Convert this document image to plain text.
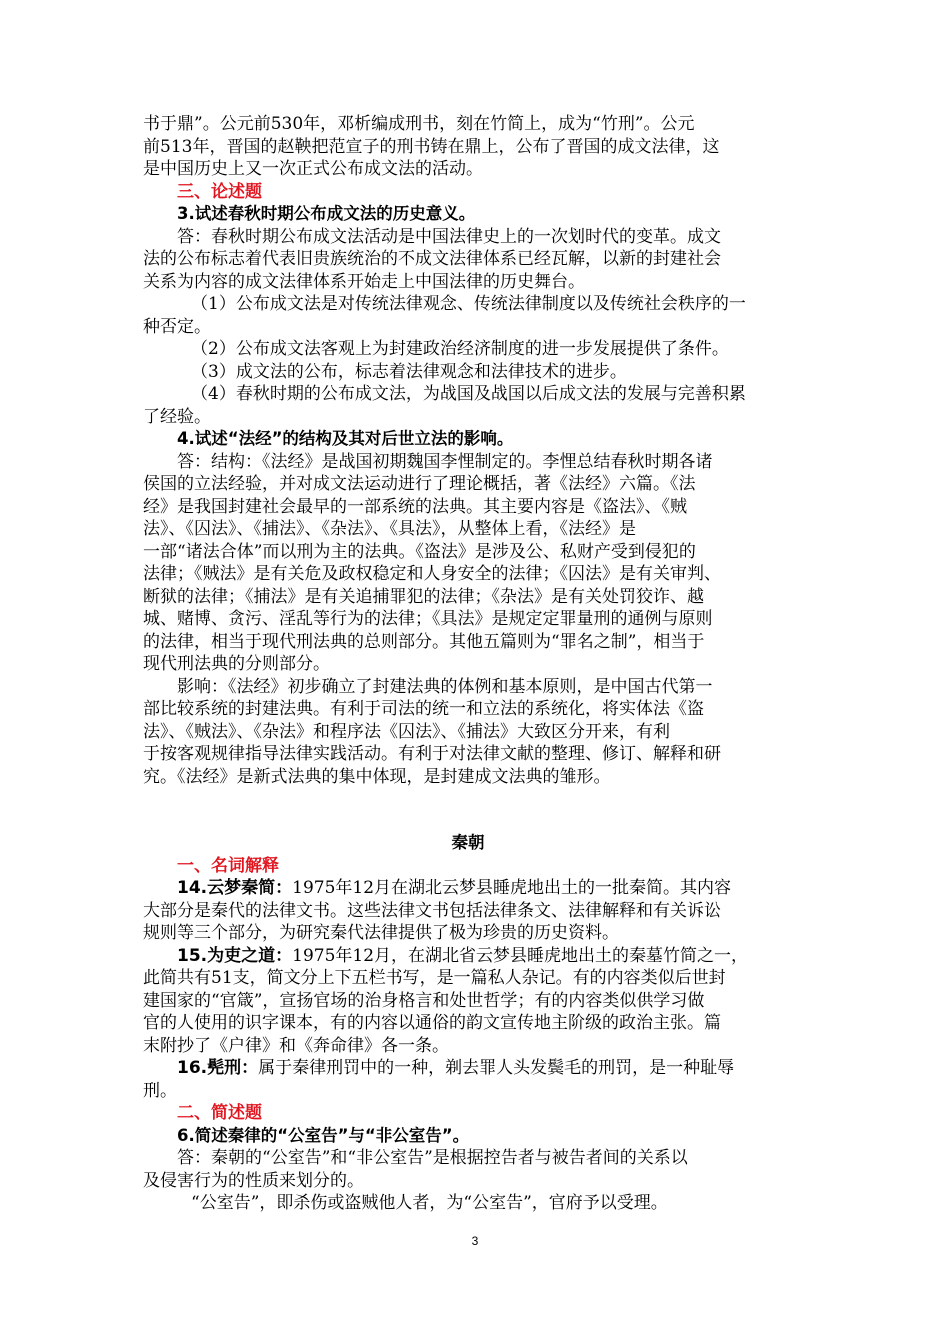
书于鼎”。公元前530年，邓析编成刑书，刻在竹简上，成为“竹刑”。公元
前513年，晋国的赵鞅把范宣子的刑书铸在鼎上，公布了晋国的成文法律，这
是中国历史上又一次正式公布成文法的活动。
三、论述题
3.试述春秋时期公布成文法的历史意义。
答：春秋时期公布成文法活动是中国法律史上的一次划时代的变革。成文
法的公布标志着代表旧贵族统治的不成文法律体系已经瓦解，以新的封建社会
关系为内容的成文法律体系开始走上中国法律的历史舞台。
（1）公布成文法是对传统法律观念、传统法律制度以及传统社会秩序的一
种否定。
（2）公布成文法客观上为封建政治经济制度的进一步发展提供了条件。
（3）成文法的公布，标志着法律观念和法律技术的进步。
（4）春秋时期的公布成文法，为战国及战国以后成文法的发展与完善积累
了经验。
4.试述“法经”的结构及其对后世立法的影响。
答：结构：《法经》是战国初期魏国李悝制定的。李悝总结春秋时期各诸
侯国的立法经验，并对成文法运动进行了理论概括，著《法经》六篇。《法
经》是我国封建社会最早的一部系统的法典。其主要内容是《盗法》、《贼
法》、《囚法》、《捕法》、《杂法》、《具法》，从整体上看，《法经》是
一部“诸法合体”而以刑为主的法典。《盗法》是涉及公、私财产受到侵犯的
法律；《贼法》是有关危及政权稳定和人身安全的法律；《囚法》是有关审判、
断狱的法律；《捕法》是有关追捕罪犯的法律；《杂法》是有关处罚狡诈、越
城、赌博、贪污、淫乱等行为的法律；《具法》是规定定罪量刑的通例与原则
的法律，相当于现代刑法典的总则部分。其他五篇则为“罪名之制”，相当于
现代刑法典的分则部分。
影响：《法经》初步确立了封建法典的体例和基本原则，是中国古代第一
部比较系统的封建法典。有利于司法的统一和立法的系统化，将实体法《盗
法》、《贼法》、《杂法》和程序法《囚法》、《捕法》大致区分开来，有利
于按客观规律指导法律实践活动。有利于对法律文献的整理、修订、解释和研
究。《法经》是新式法典的集中体现，是封建成文法典的雏形。
秦朝
一、名词解释
14.云梦秦简：1975年12月在湖北云梦县睡虎地出土的一批秦简。其内容
大部分是秦代的法律文书。这些法律文书包括法律条文、法律解释和有关诉讼
规则等三个部分，为研究秦代法律提供了极为珍贵的历史资料。
15.为吏之道：1975年12月，在湖北省云梦县睡虎地出土的秦墓竹简之一，
此简共有51支，简文分上下五栏书写，是一篇私人杂记。有的内容类似后世封
建国家的“官箴”，宣扬官场的治身格言和处世哲学；有的内容类似供学习做
官的人使用的识字课本，有的内容以通俗的韵文宣传地主阶级的政治主张。篇
末附抄了《户律》和《奔命律》各一条。
16.髡刑：属于秦律刑罚中的一种，剃去罪人头发鬓毛的刑罚，是一种耻辱
刑。
二、简述题
6.简述秦律的“公室告”与“非公室告”。
答：秦朝的“公室告”和“非公室告”是根据控告者与被告者间的关系以
及侵害行为的性质来划分的。
“公室告”，即杀伤或盗贼他人者，为“公室告”，官府予以受理。
3
